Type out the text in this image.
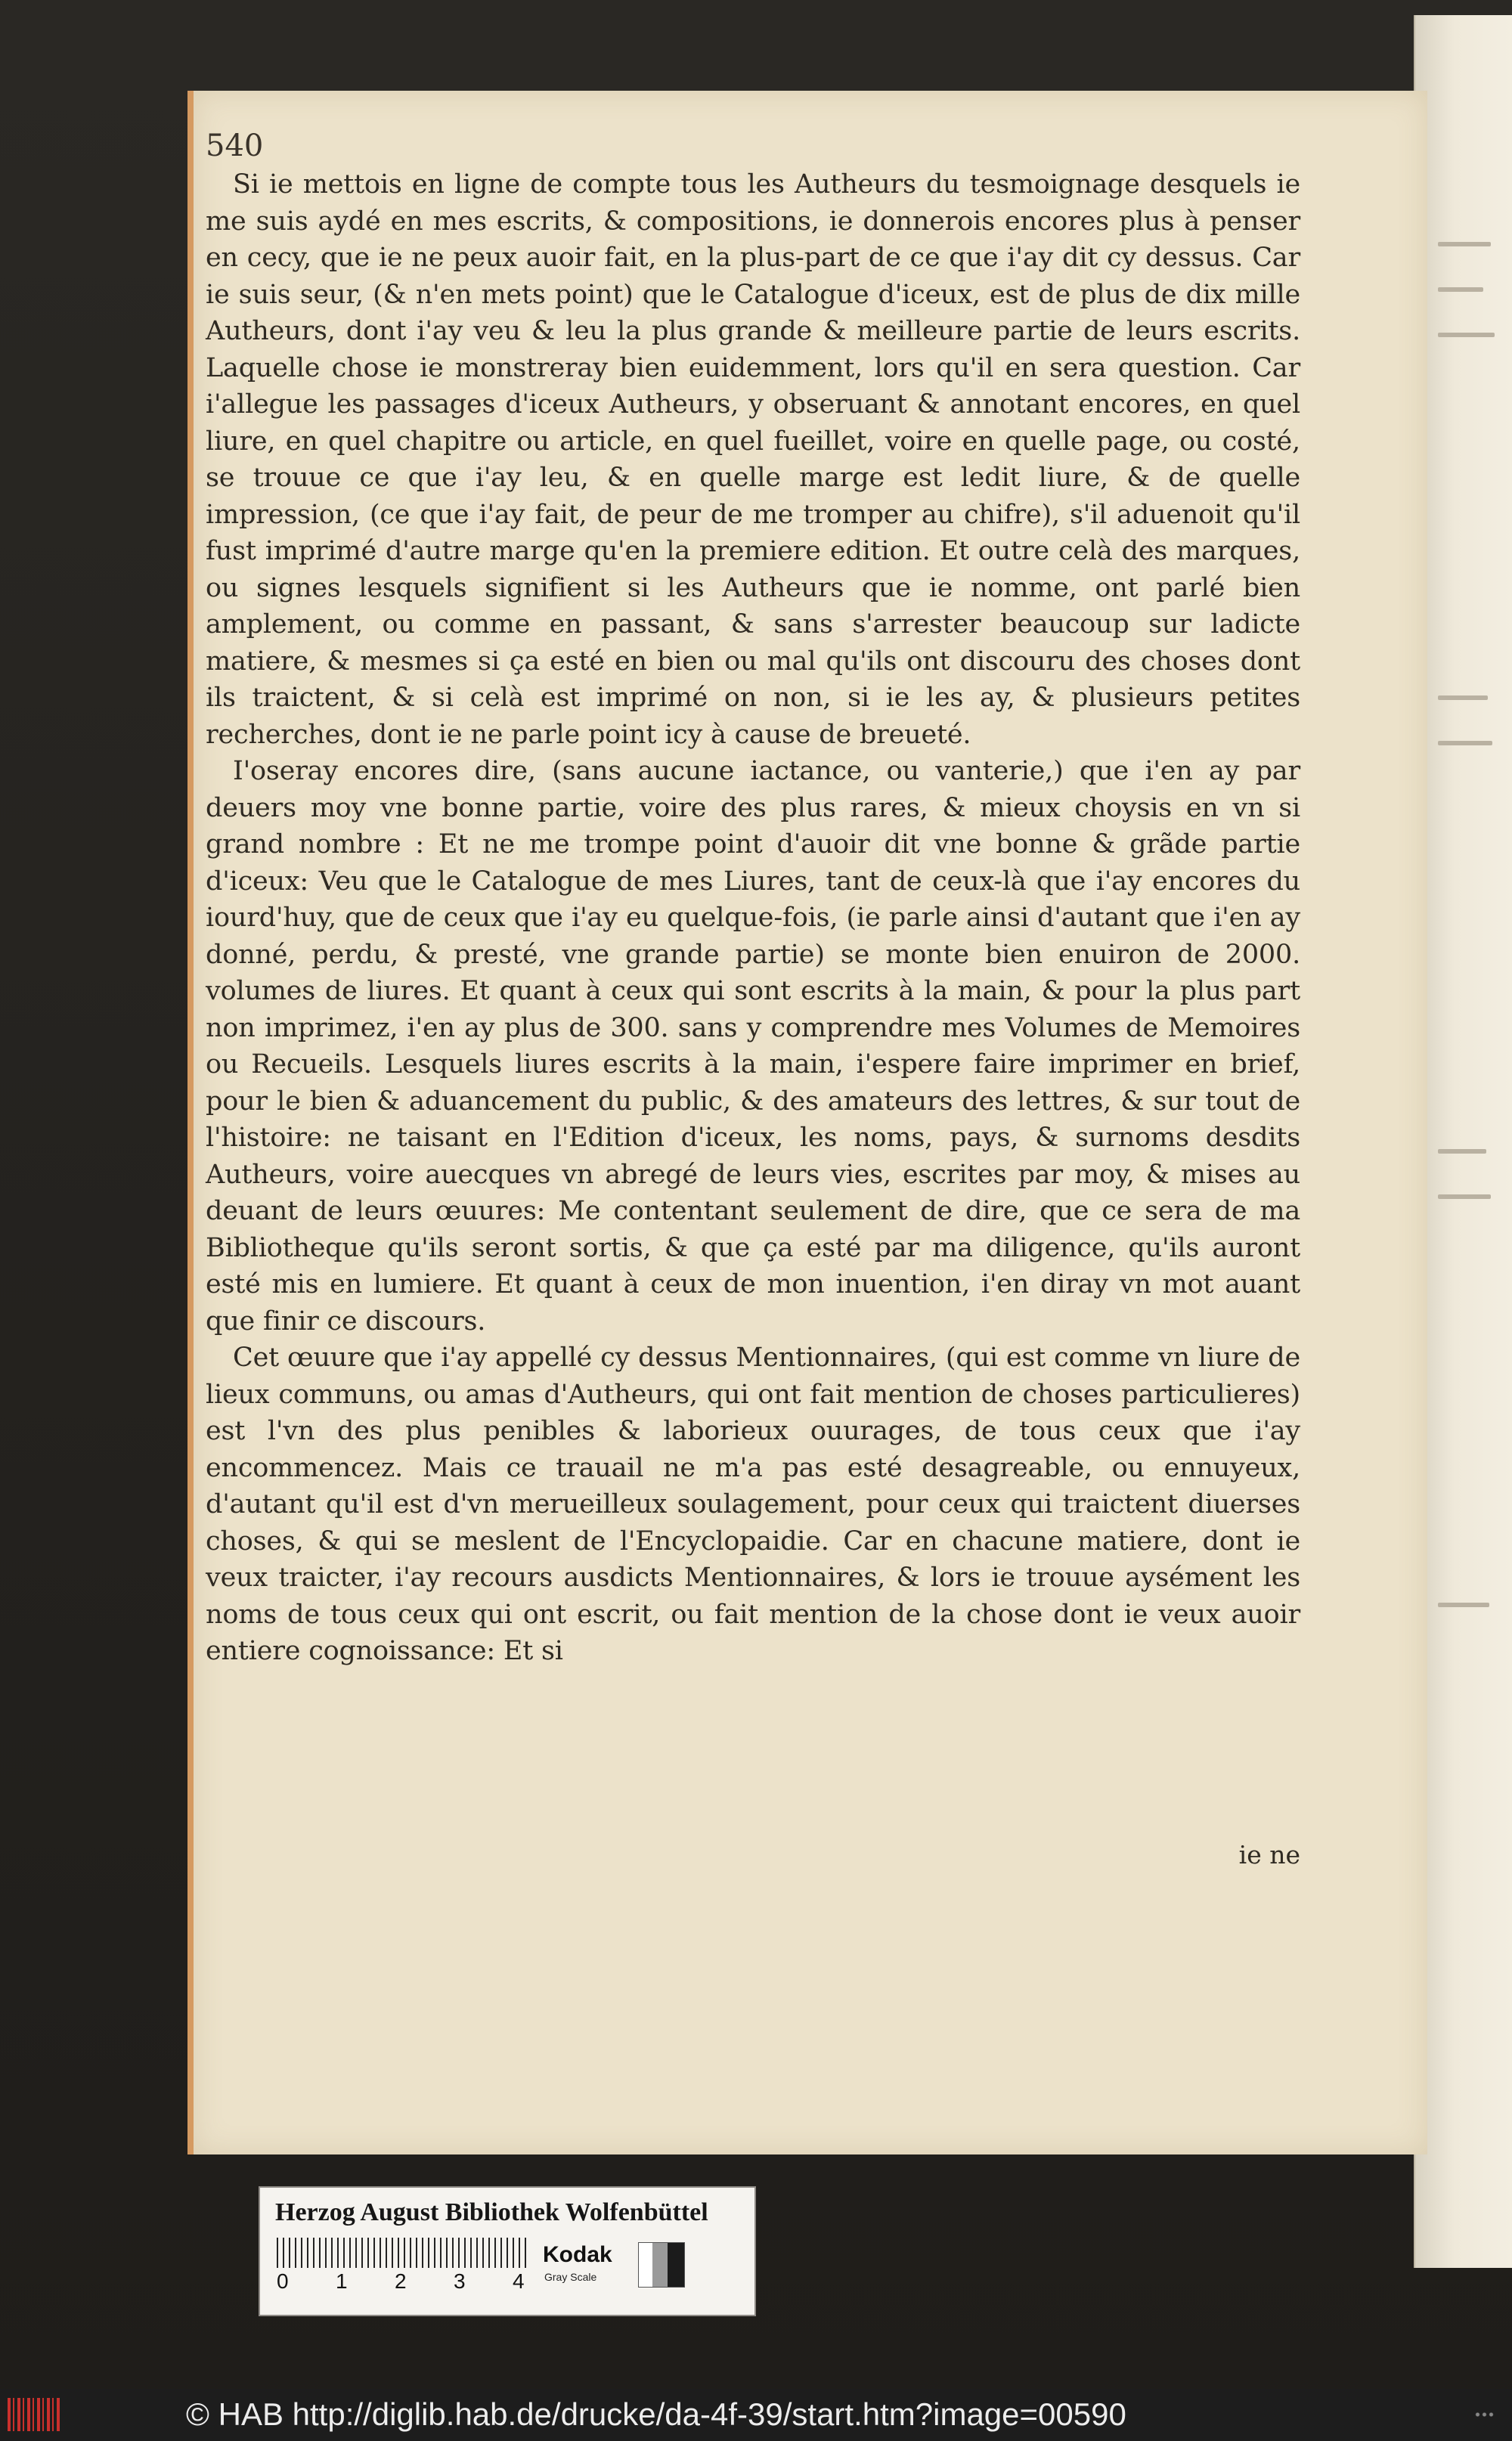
540

Si ie mettois en ligne de compte tous les Autheurs du tesmoignage desquels ie me suis aydé en mes escrits, & compositions, ie donnerois encores plus à penser en cecy, que ie ne peux auoir fait, en la plus-part de ce que i'ay dit cy dessus. Car ie suis seur, (& n'en mets point) que le Catalogue d'iceux, est de plus de dix mille Autheurs, dont i'ay veu & leu la plus grande & meilleure partie de leurs escrits. Laquelle chose ie monstreray bien euidemment, lors qu'il en sera question. Car i'allegue les passages d'iceux Autheurs, y obseruant & annotant encores, en quel liure, en quel chapitre ou article, en quel fueillet, voire en quelle page, ou costé, se trouue ce que i'ay leu, & en quelle marge est ledit liure, & de quelle impression, (ce que i'ay fait, de peur de me tromper au chifre), s'il aduenoit qu'il fust imprimé d'autre marge qu'en la premiere edition. Et outre celà des marques, ou signes lesquels signifient si les Autheurs que ie nomme, ont parlé bien amplement, ou comme en passant, & sans s'arrester beaucoup sur ladicte matiere, & mesmes si ça esté en bien ou mal qu'ils ont discouru des choses dont ils traictent, & si celà est imprimé on non, si ie les ay, & plusieurs petites recherches, dont ie ne parle point icy à cause de breueté.

I'oseray encores dire, (sans aucune iactance, ou vanterie,) que i'en ay par deuers moy vne bonne partie, voire des plus rares, & mieux choysis en vn si grand nombre : Et ne me trompe point d'auoir dit vne bonne & grãde partie d'iceux: Veu que le Catalogue de mes Liures, tant de ceux-là que i'ay encores du iourd'huy, que de ceux que i'ay eu quelque-fois, (ie parle ainsi d'autant que i'en ay donné, perdu, & presté, vne grande partie) se monte bien enuiron de 2000. volumes de liures. Et quant à ceux qui sont escrits à la main, & pour la plus part non imprimez, i'en ay plus de 300. sans y comprendre mes Volumes de Memoires ou Recueils. Lesquels liures escrits à la main, i'espere faire imprimer en brief, pour le bien & aduancement du public, & des amateurs des lettres, & sur tout de l'histoire: ne taisant en l'Edition d'iceux, les noms, pays, & surnoms desdits Autheurs, voire auecques vn abregé de leurs vies, escrites par moy, & mises au deuant de leurs œuures: Me contentant seulement de dire, que ce sera de ma Bibliotheque qu'ils seront sortis, & que ça esté par ma diligence, qu'ils auront esté mis en lumiere. Et quant à ceux de mon inuention, i'en diray vn mot auant que finir ce discours.

Cet œuure que i'ay appellé cy dessus Mentionnaires, (qui est comme vn liure de lieux communs, ou amas d'Autheurs, qui ont fait mention de choses particulieres) est l'vn des plus penibles & laborieux ouurages, de tous ceux que i'ay encommencez. Mais ce trauail ne m'a pas esté desagreable, ou ennuyeux, d'autant qu'il est d'vn merueilleux soulagement, pour ceux qui traictent diuerses choses, & qui se meslent de l'Encyclopaidie. Car en chacune matiere, dont ie veux traicter, i'ay recours ausdicts Mentionnaires, & lors ie trouue aysément les noms de tous ceux qui ont escrit, ou fait mention de la chose dont ie veux auoir entiere cognoissance: Et si

ie ne

Herzog August Bibliothek Wolfenbüttel

0 1 2 3 4

Kodak

Gray Scale

© HAB http://diglib.hab.de/drucke/da-4f-39/start.htm?image=00590
